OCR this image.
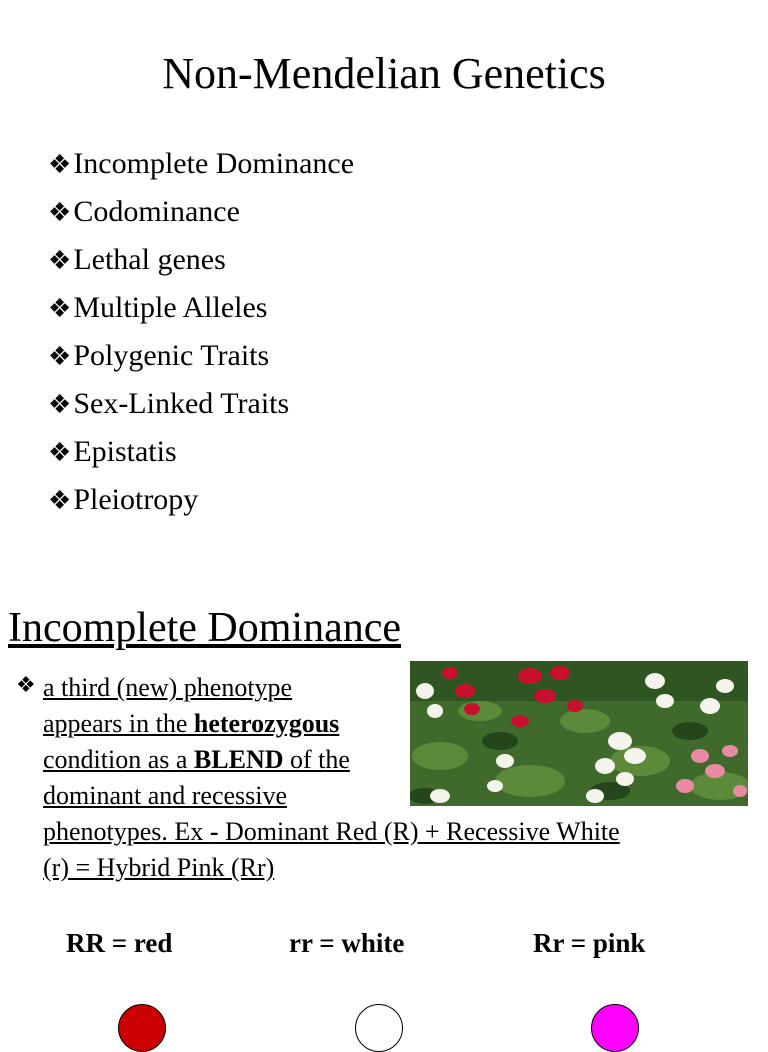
Non-Mendelian Genetics
❖Incomplete Dominance
❖Codominance
❖Lethal genes
❖Multiple Alleles
❖Polygenic Traits
❖Sex-Linked Traits
❖Epistatis
❖Pleiotropy
Incomplete Dominance
❖ a third (new) phenotype
appears in the heterozygous
condition as a BLEND of the
dominant and recessive
phenotypes. Ex - Dominant Red (R) + Recessive White
(r) = Hybrid Pink (Rr)
RR = red	rr = white	Rr = pink
